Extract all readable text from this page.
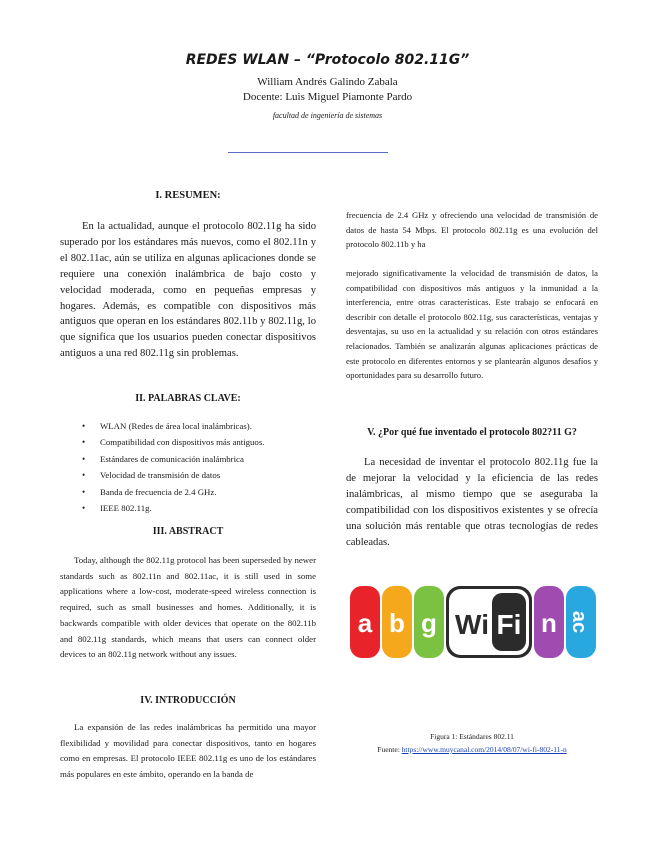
REDES WLAN – “Protocolo 802.11G”
William Andrés Galindo Zabala
Docente: Luis Miguel Piamonte Pardo
facultad de ingeniería de sistemas
I. RESUMEN:
En la actualidad, aunque el protocolo 802.11g ha sido superado por los estándares más nuevos, como el 802.11n y el 802.11ac, aún se utiliza en algunas aplicaciones donde se requiere una conexión inalámbrica de bajo costo y velocidad moderada, como en pequeñas empresas y hogares. Además, es compatible con dispositivos más antiguos que operan en los estándares 802.11b y 802.11g, lo que significa que los usuarios pueden conectar dispositivos antiguos a una red 802.11g sin problemas.
II. PALABRAS CLAVE:
• WLAN (Redes de área local inalámbricas).
• Compatibilidad con dispositivos más antiguos.
• Estándares de comunicación inalámbrica
• Velocidad de transmisión de datos
• Banda de frecuencia de 2.4 GHz.
• IEEE 802.11g.
III. ABSTRACT
Today, although the 802.11g protocol has been superseded by newer standards such as 802.11n and 802.11ac, it is still used in some applications where a low-cost, moderate-speed wireless connection is required, such as small businesses and homes. Additionally, it is backwards compatible with older devices that operate on the 802.11b and 802.11g standards, which means that users can connect older devices to an 802.11g network without any issues.
IV. INTRODUCCIÓN
La expansión de las redes inalámbricas ha permitido una mayor flexibilidad y movilidad para conectar dispositivos, tanto en hogares como en empresas. El protocolo IEEE 802.11g es uno de los estándares más populares en este ámbito, operando en la banda de
frecuencia de 2.4 GHz y ofreciendo una velocidad de transmisión de datos de hasta 54 Mbps. El protocolo 802.11g es una evolución del protocolo 802.11b y ha
mejorado significativamente la velocidad de transmisión de datos, la compatibilidad con dispositivos más antiguos y la inmunidad a la interferencia, entre otras características. Este trabajo se enfocará en describir con detalle el protocolo 802.11g, sus características, ventajas y desventajas, su uso en la actualidad y su relación con otros estándares relacionados. También se analizarán algunas aplicaciones prácticas de este protocolo en diferentes entornos y se plantearán algunos desafíos y oportunidades para su desarrollo futuro.
V. ¿Por qué fue inventado el protocolo 802?11 G?
La necesidad de inventar el protocolo 802.11g fue la de mejorar la velocidad y la eficiencia de las redes inalámbricas, al mismo tiempo que se aseguraba la compatibilidad con los dispositivos existentes y se ofrecía una solución más rentable que otras tecnologías de redes cableadas.
a b g Wi Fi n ac
Figura 1: Estándares 802.11
Fuente: https://www.muycanal.com/2014/08/07/wi-fi-802-11-n
